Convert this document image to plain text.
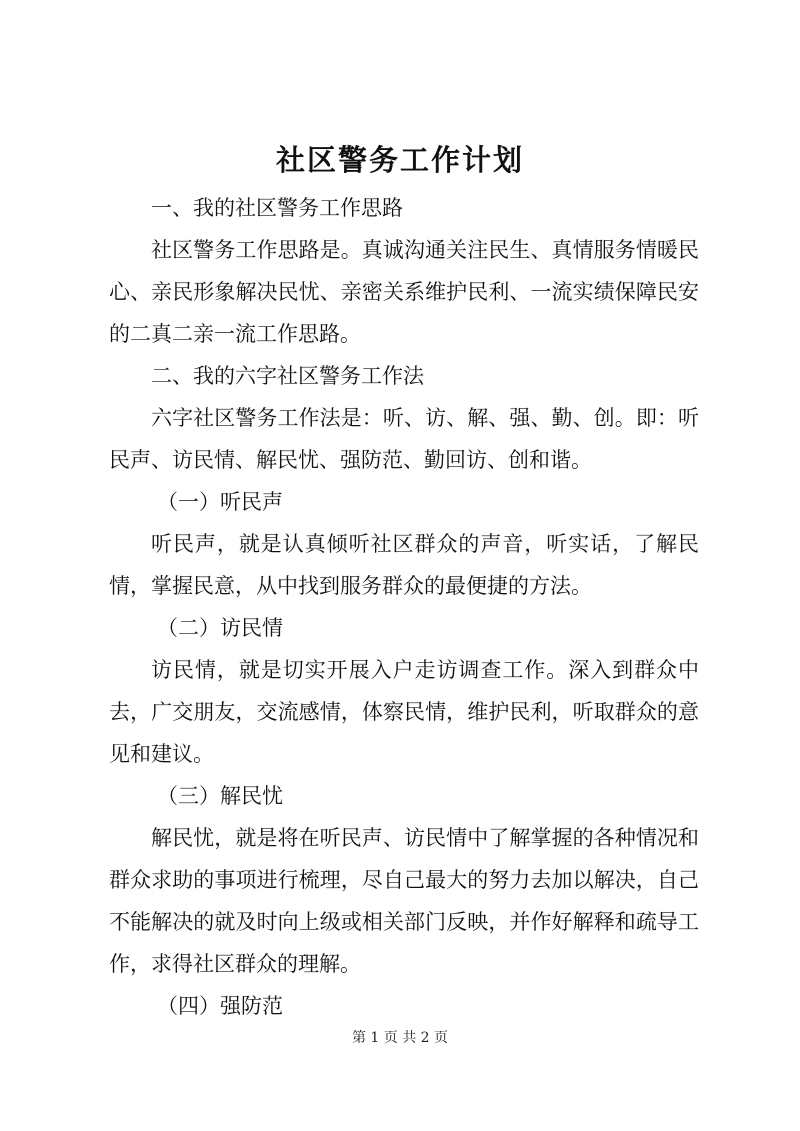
社区警务工作计划

一、我的社区警务工作思路

社区警务工作思路是。真诚沟通关注民生、真情服务情暖民心、亲民形象解决民忧、亲密关系维护民利、一流实绩保障民安的二真二亲一流工作思路。

二、我的六字社区警务工作法

六字社区警务工作法是：听、访、解、强、勤、创。即：听民声、访民情、解民忧、强防范、勤回访、创和谐。

（一）听民声

听民声，就是认真倾听社区群众的声音，听实话，了解民情，掌握民意，从中找到服务群众的最便捷的方法。

（二）访民情

访民情，就是切实开展入户走访调查工作。深入到群众中去，广交朋友，交流感情，体察民情，维护民利，听取群众的意见和建议。

（三）解民忧

解民忧，就是将在听民声、访民情中了解掌握的各种情况和群众求助的事项进行梳理，尽自己最大的努力去加以解决，自己不能解决的就及时向上级或相关部门反映，并作好解释和疏导工作，求得社区群众的理解。

（四）强防范

第 1 页 共 2 页
